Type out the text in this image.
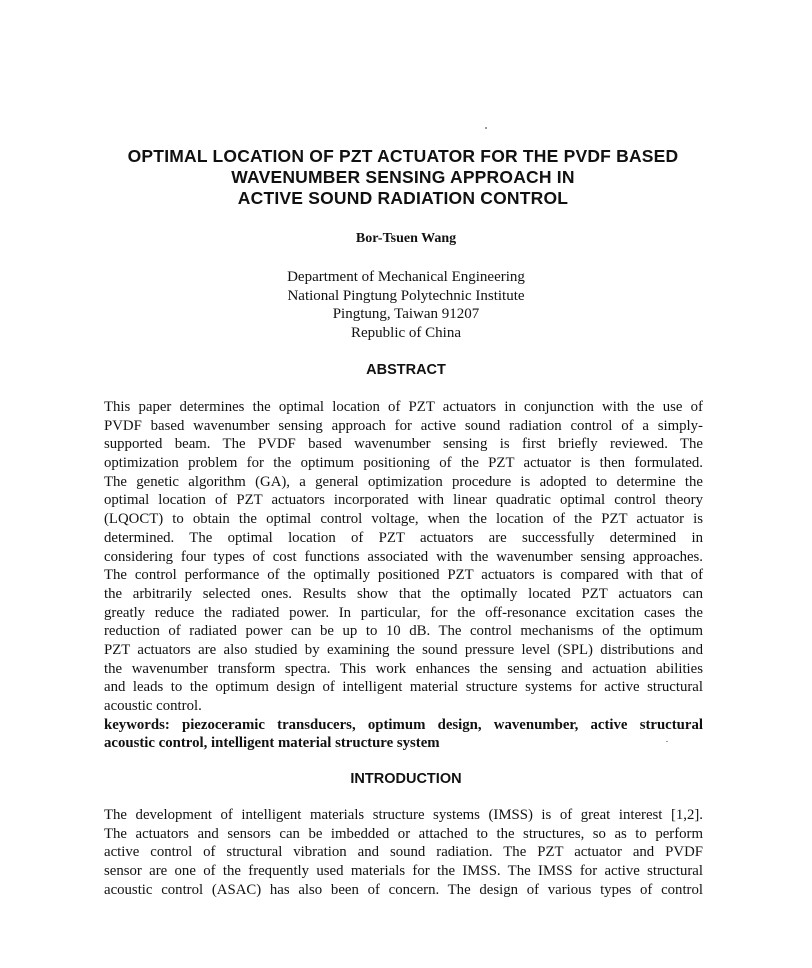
OPTIMAL LOCATION OF PZT ACTUATOR FOR THE PVDF BASED
WAVENUMBER SENSING APPROACH IN
ACTIVE SOUND RADIATION CONTROL
Bor-Tsuen Wang
Department of Mechanical Engineering
National Pingtung Polytechnic Institute
Pingtung, Taiwan 91207
Republic of China
ABSTRACT
This paper determines the optimal location of PZT actuators in conjunction with the use of
PVDF based wavenumber sensing approach for active sound radiation control of a simply-
supported beam. The PVDF based wavenumber sensing is first briefly reviewed. The
optimization problem for the optimum positioning of the PZT actuator is then formulated.
The genetic algorithm (GA), a general optimization procedure is adopted to determine the
optimal location of PZT actuators incorporated with linear quadratic optimal control theory
(LQOCT) to obtain the optimal control voltage, when the location of the PZT actuator is
determined. The optimal location of PZT actuators are successfully determined in
considering four types of cost functions associated with the wavenumber sensing approaches.
The control performance of the optimally positioned PZT actuators is compared with that of
the arbitrarily selected ones. Results show that the optimally located PZT actuators can
greatly reduce the radiated power. In particular, for the off-resonance excitation cases the
reduction of radiated power can be up to 10 dB. The control mechanisms of the optimum
PZT actuators are also studied by examining the sound pressure level (SPL) distributions and
the wavenumber transform spectra. This work enhances the sensing and actuation abilities
and leads to the optimum design of intelligent material structure systems for active structural
acoustic control.
keywords: piezoceramic transducers, optimum design, wavenumber, active structural
acoustic control, intelligent material structure system
INTRODUCTION
The development of intelligent materials structure systems (IMSS) is of great interest [1,2].
The actuators and sensors can be imbedded or attached to the structures, so as to perform
active control of structural vibration and sound radiation. The PZT actuator and PVDF
sensor are one of the frequently used materials for the IMSS. The IMSS for active structural
acoustic control (ASAC) has also been of concern. The design of various types of control
